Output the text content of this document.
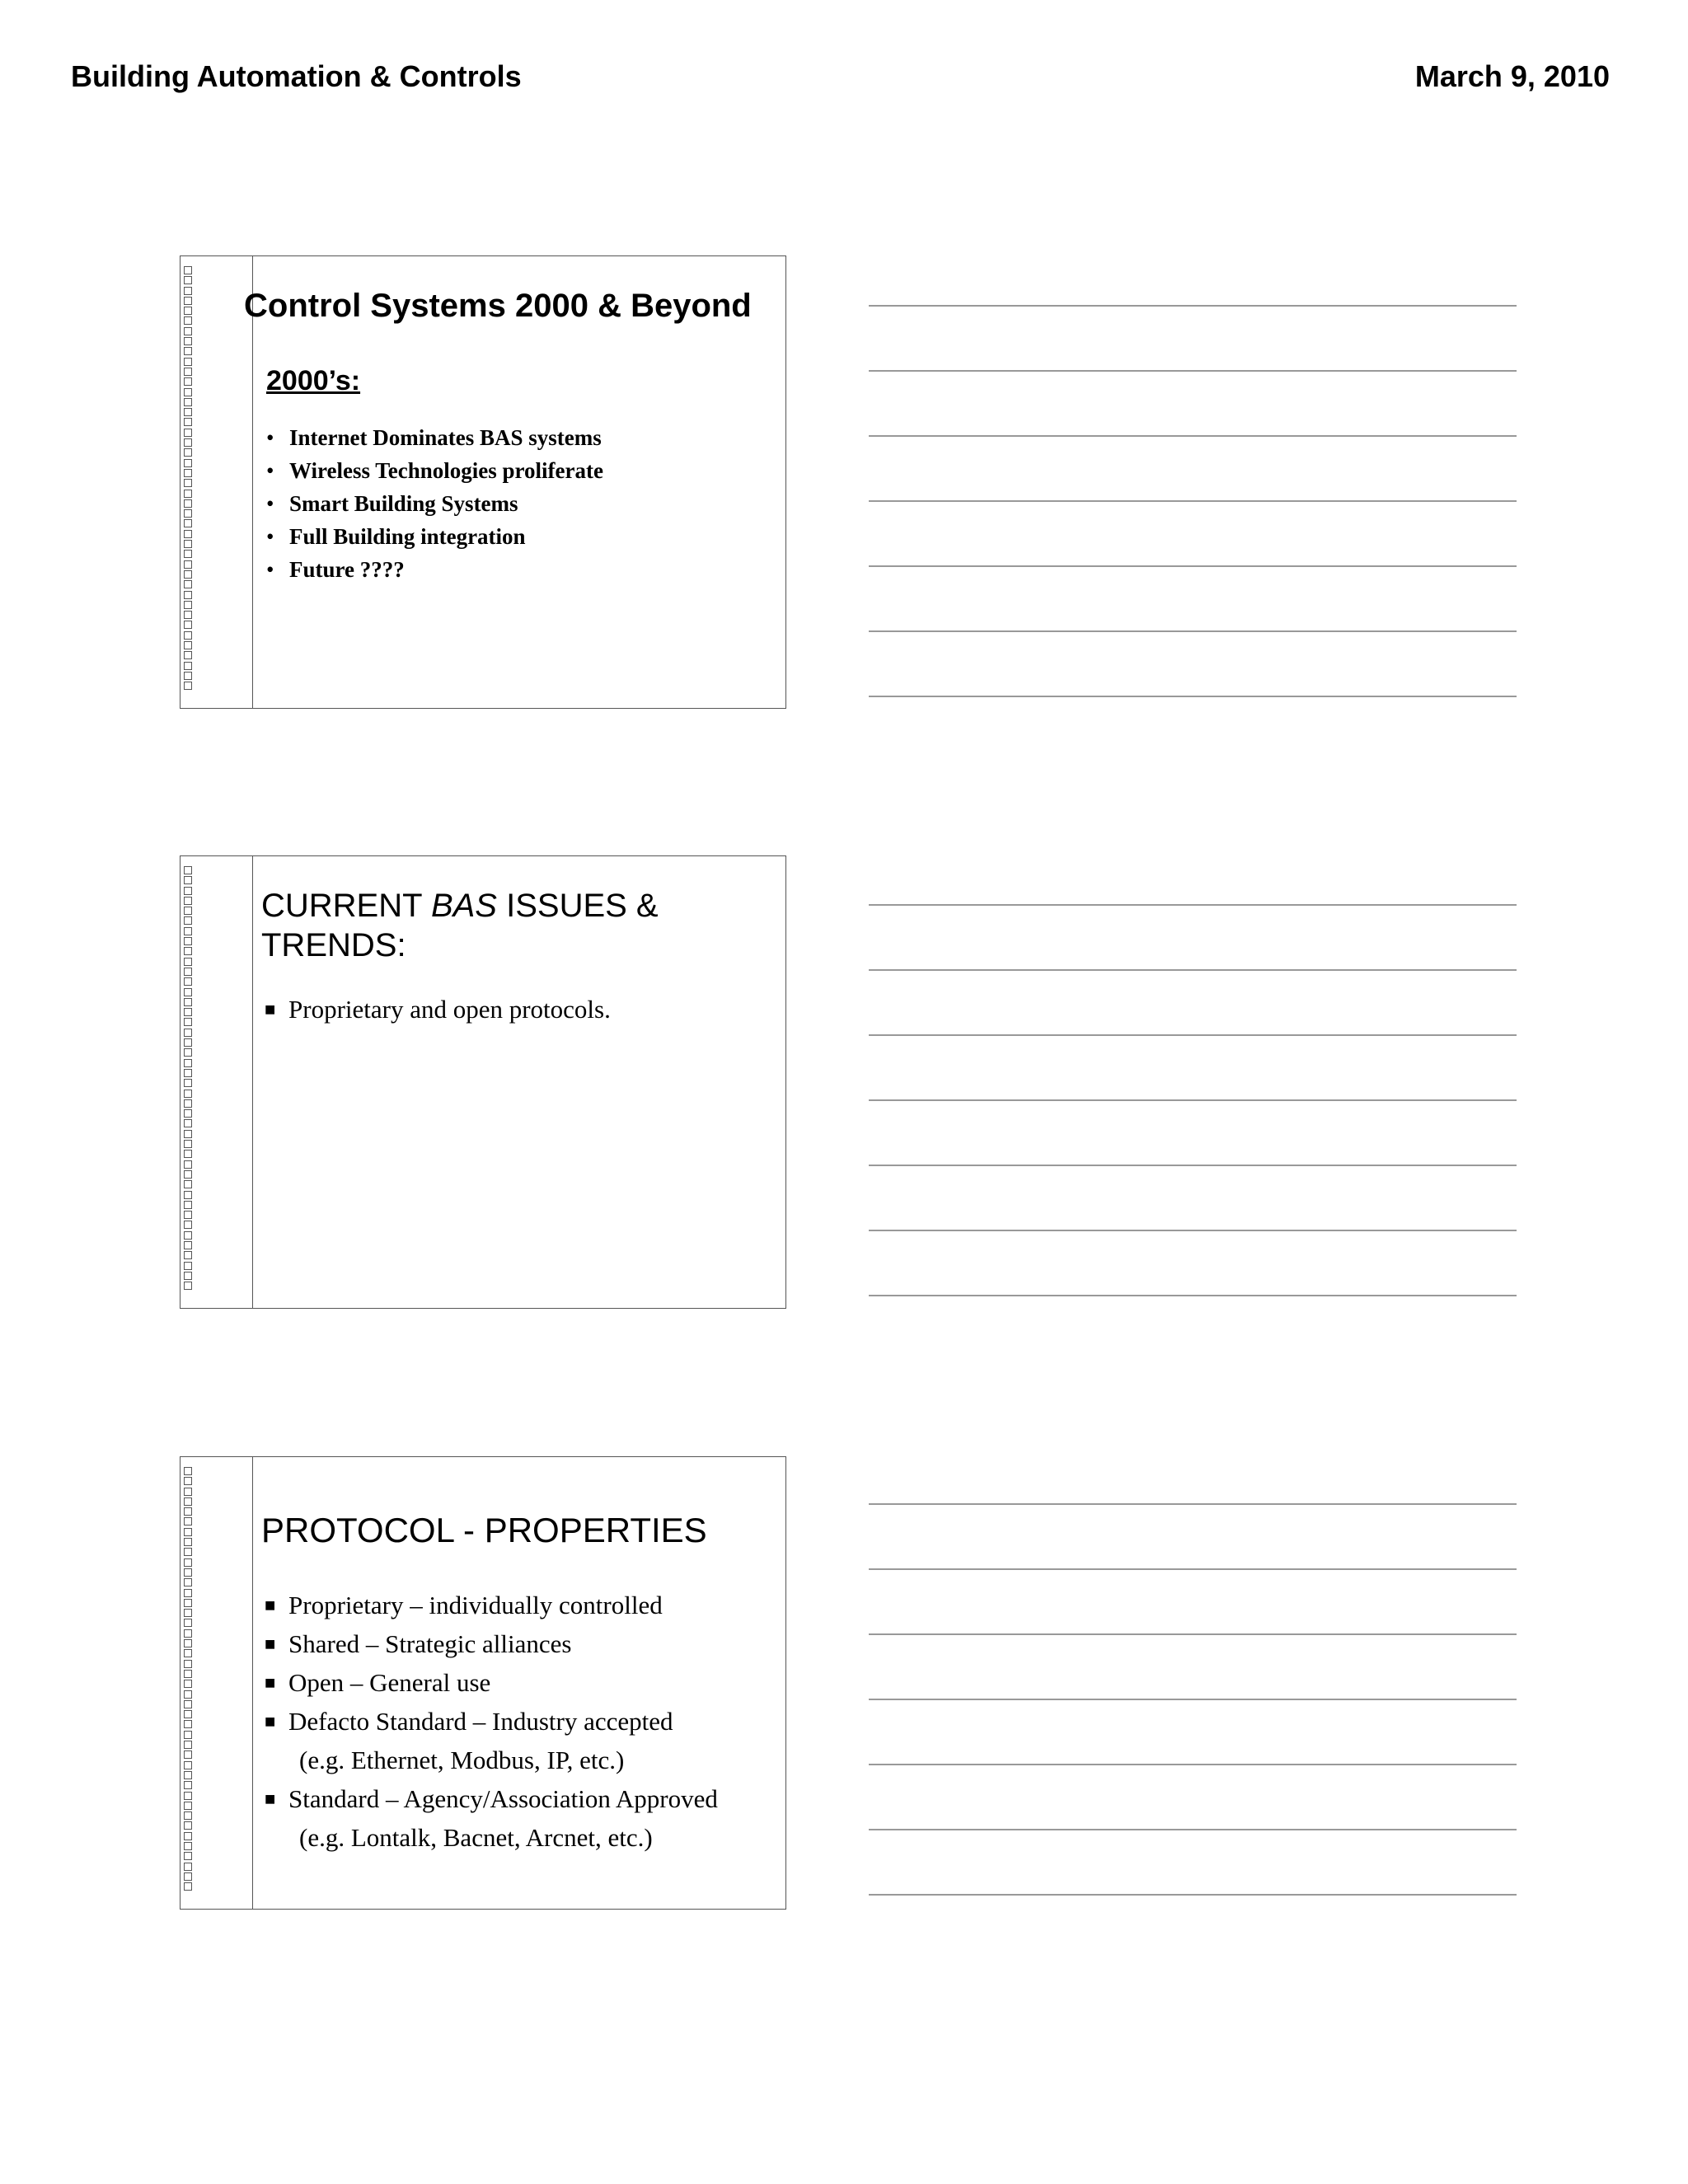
Building Automation & Controls	March 9, 2010
Control Systems 2000 & Beyond
2000’s:
• Internet Dominates BAS systems
• Wireless Technologies proliferate
• Smart Building Systems
• Full Building integration
• Future ????
CURRENT BAS ISSUES &
TRENDS:
■ Proprietary and open protocols.
PROTOCOL - PROPERTIES
■ Proprietary – individually controlled
■ Shared – Strategic alliances
■ Open – General use
■ Defacto Standard – Industry accepted
(e.g. Ethernet, Modbus, IP, etc.)
■ Standard – Agency/Association Approved
(e.g. Lontalk, Bacnet, Arcnet, etc.)
